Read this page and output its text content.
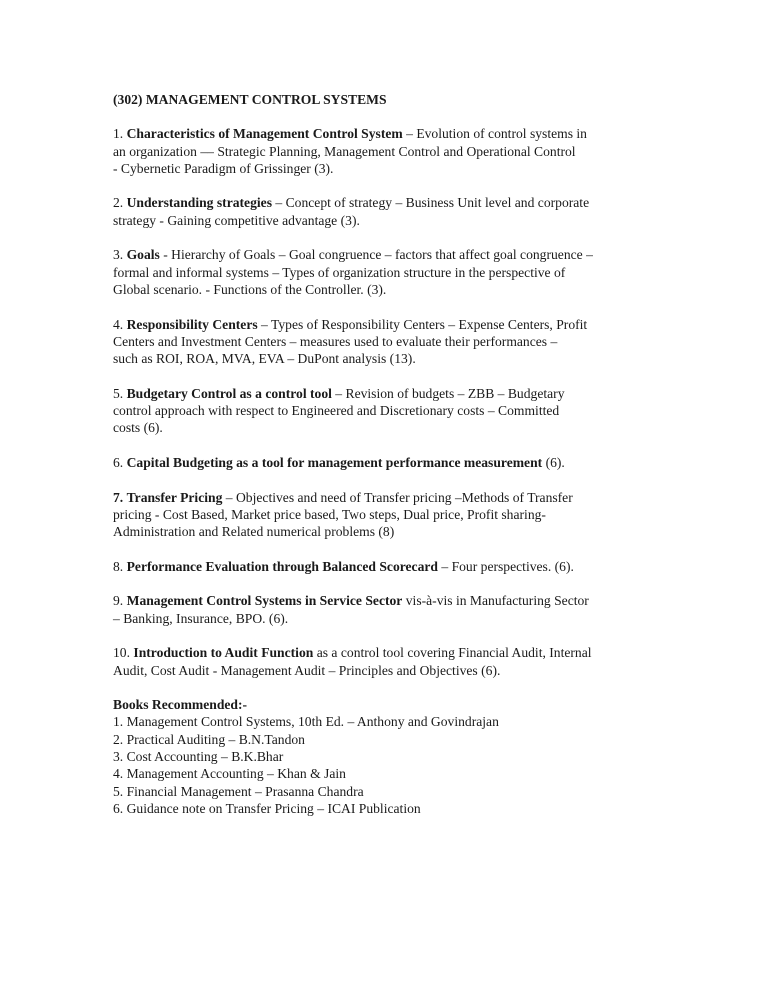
(302) MANAGEMENT CONTROL SYSTEMS
1. Characteristics of Management Control System – Evolution of control systems in
an organization –– Strategic Planning, Management Control and Operational Control
- Cybernetic Paradigm of Grissinger (3).
2. Understanding strategies – Concept of strategy – Business Unit level and corporate
strategy - Gaining competitive advantage (3).
3. Goals - Hierarchy of Goals – Goal congruence – factors that affect goal congruence –
formal and informal systems – Types of organization structure in the perspective of
Global scenario. - Functions of the Controller. (3).
4. Responsibility Centers – Types of Responsibility Centers – Expense Centers, Profit
Centers and Investment Centers – measures used to evaluate their performances –
such as ROI, ROA, MVA, EVA – DuPont analysis (13).
5. Budgetary Control as a control tool – Revision of budgets – ZBB – Budgetary
control approach with respect to Engineered and Discretionary costs – Committed
costs (6).
6. Capital Budgeting as a tool for management performance measurement (6).
7. Transfer Pricing – Objectives and need of Transfer pricing –Methods of Transfer
pricing - Cost Based, Market price based, Two steps, Dual price, Profit sharing-
Administration and Related numerical problems (8)
8. Performance Evaluation through Balanced Scorecard – Four perspectives. (6).
9. Management Control Systems in Service Sector vis-à-vis in Manufacturing Sector
– Banking, Insurance, BPO. (6).
10. Introduction to Audit Function as a control tool covering Financial Audit, Internal
Audit, Cost Audit - Management Audit – Principles and Objectives (6).
Books Recommended:-
1. Management Control Systems, 10th Ed. – Anthony and Govindrajan
2. Practical Auditing – B.N.Tandon
3. Cost Accounting – B.K.Bhar
4. Management Accounting – Khan & Jain
5. Financial Management – Prasanna Chandra
6. Guidance note on Transfer Pricing – ICAI Publication
